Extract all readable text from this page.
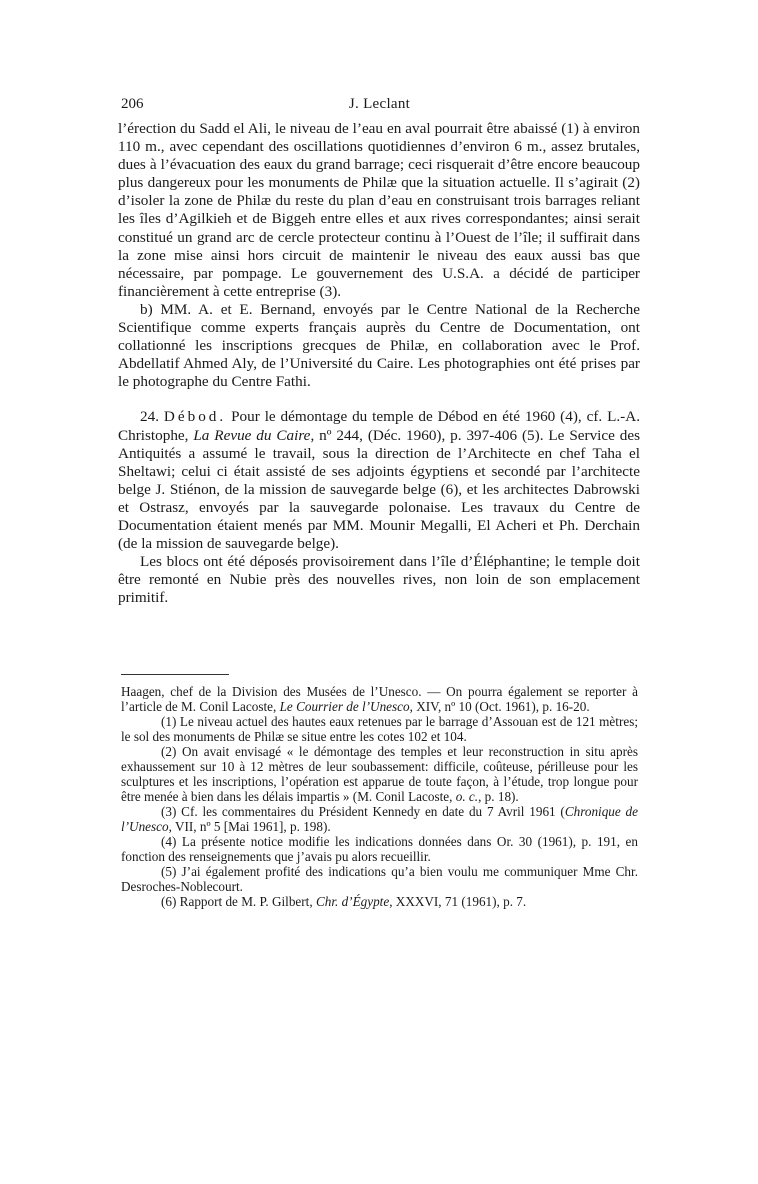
206	J. Leclant

l’érection du Sadd el Ali, le niveau de l’eau en aval pourrait être abaissé (1) à environ 110 m., avec cependant des oscillations quotidiennes d’environ 6 m., assez brutales, dues à l’évacuation des eaux du grand barrage; ceci risquerait d’être encore beaucoup plus dangereux pour les monuments de Philæ que la situation actuelle. Il s’agirait (2) d’isoler la zone de Philæ du reste du plan d’eau en construisant trois barrages reliant les îles d’Agilkieh et de Biggeh entre elles et aux rives correspondantes; ainsi serait constitué un grand arc de cercle protecteur continu à l’Ouest de l’île; il suffirait dans la zone mise ainsi hors circuit de maintenir le niveau des eaux aussi bas que nécessaire, par pompage. Le gouvernement des U.S.A. a décidé de participer financièrement à cette entreprise (3).

b) MM. A. et E. Bernand, envoyés par le Centre National de la Recherche Scientifique comme experts français auprès du Centre de Documentation, ont collationné les inscriptions grecques de Philæ, en collaboration avec le Prof. Abdellatif Ahmed Aly, de l’Université du Caire. Les photographies ont été prises par le photographe du Centre Fathi.

24. Débod. Pour le démontage du temple de Débod en été 1960 (4), cf. L.-A. Christophe, La Revue du Caire, nº 244, (Déc. 1960), p. 397-406 (5). Le Service des Antiquités a assumé le travail, sous la direction de l’Architecte en chef Taha el Sheltawi; celui ci était assisté de ses adjoints égyptiens et secondé par l’architecte belge J. Stiénon, de la mission de sauvegarde belge (6), et les architectes Dabrowski et Ostrasz, envoyés par la sauvegarde polonaise. Les travaux du Centre de Documentation étaient menés par MM. Mounir Megalli, El Acheri et Ph. Derchain (de la mission de sauvegarde belge).

Les blocs ont été déposés provisoirement dans l’île d’Éléphantine; le temple doit être remonté en Nubie près des nouvelles rives, non loin de son emplacement primitif.

Haagen, chef de la Division des Musées de l’Unesco. — On pourra également se reporter à l’article de M. Conil Lacoste, Le Courrier de l’Unesco, XIV, nº 10 (Oct. 1961), p. 16-20.

(1) Le niveau actuel des hautes eaux retenues par le barrage d’Assouan est de 121 mètres; le sol des monuments de Philæ se situe entre les cotes 102 et 104.

(2) On avait envisagé « le démontage des temples et leur reconstruction in situ après exhaussement sur 10 à 12 mètres de leur soubassement: difficile, coûteuse, périlleuse pour les sculptures et les inscriptions, l’opération est apparue de toute façon, à l’étude, trop longue pour être menée à bien dans les délais impartis » (M. Conil Lacoste, o. c., p. 18).

(3) Cf. les commentaires du Président Kennedy en date du 7 Avril 1961 (Chronique de l’Unesco, VII, nº 5 [Mai 1961], p. 198).

(4) La présente notice modifie les indications données dans Or. 30 (1961), p. 191, en fonction des renseignements que j’avais pu alors recueillir.

(5) J’ai également profité des indications qu’a bien voulu me communiquer Mme Chr. Desroches-Noblecourt.

(6) Rapport de M. P. Gilbert, Chr. d’Égypte, XXXVI, 71 (1961), p. 7.
